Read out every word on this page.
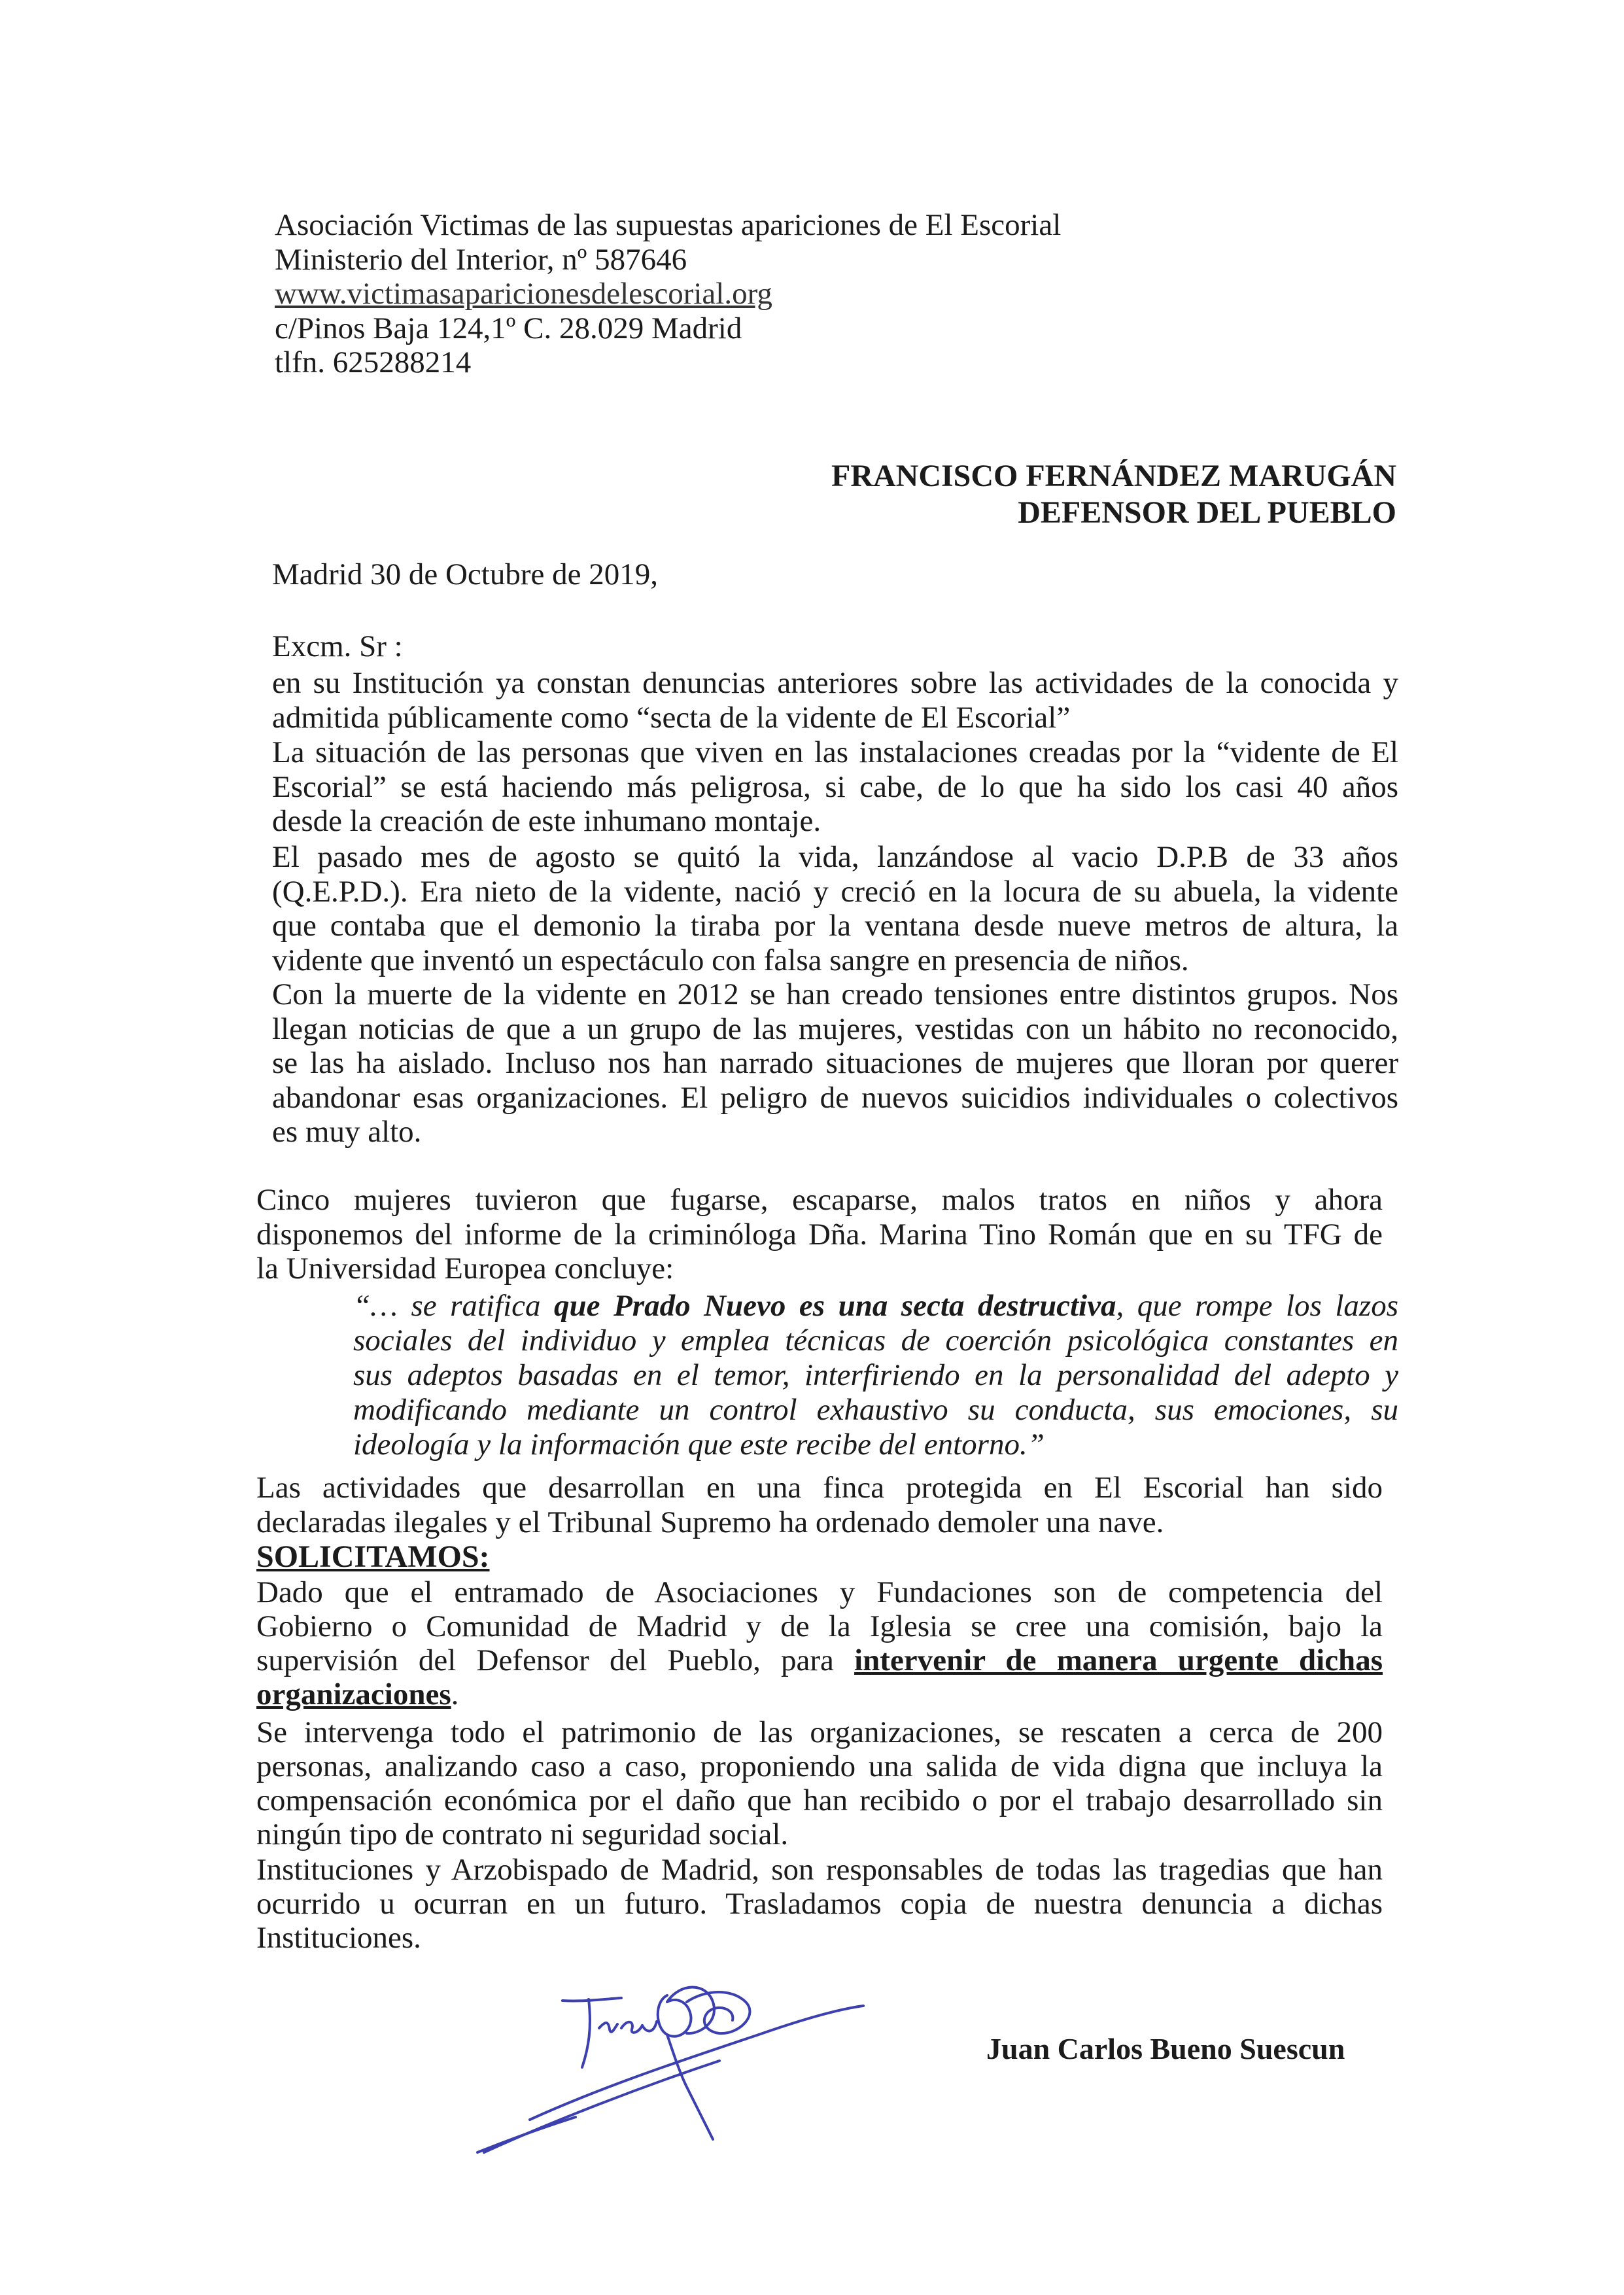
Asociación Victimas de las supuestas apariciones de El Escorial
Ministerio del Interior, nº 587646
www.victimasaparicionesdelescorial.org
c/Pinos Baja 124,1º C. 28.029 Madrid
tlfn. 625288214
FRANCISCO FERNÁNDEZ MARUGÁN
DEFENSOR DEL PUEBLO
Madrid 30 de Octubre de 2019,
Excm. Sr :
en su Institución ya constan denuncias anteriores sobre las actividades de la conocida y
admitida públicamente como “secta de la vidente de El Escorial”
La situación de las personas que viven en las instalaciones creadas por la “vidente de El
Escorial” se está haciendo más peligrosa, si cabe, de lo que ha sido los casi 40 años
desde la creación de este inhumano montaje.
El pasado mes de agosto se quitó la vida, lanzándose al vacio D.P.B de 33 años
(Q.E.P.D.). Era nieto de la vidente, nació y creció en la locura de su abuela, la vidente
que contaba que el demonio la tiraba por la ventana desde nueve metros de altura, la
vidente que inventó un espectáculo con falsa sangre en presencia de niños.
Con la muerte de la vidente en 2012 se han creado tensiones entre distintos grupos. Nos
llegan noticias de que a un grupo de las mujeres, vestidas con un hábito no reconocido,
se las ha aislado. Incluso nos han narrado situaciones de mujeres que lloran por querer
abandonar esas organizaciones. El peligro de nuevos suicidios individuales o colectivos
es muy alto.
Cinco mujeres tuvieron que fugarse, escaparse, malos tratos en niños y ahora
disponemos del informe de la criminóloga Dña. Marina Tino Román que en su TFG de
la Universidad Europea concluye:
“… se ratifica que Prado Nuevo es una secta destructiva, que rompe los lazos
sociales del individuo y emplea técnicas de coerción psicológica constantes en
sus adeptos basadas en el temor, interfiriendo en la personalidad del adepto y
modificando mediante un control exhaustivo su conducta, sus emociones, su
ideología y la información que este recibe del entorno.”
Las actividades que desarrollan en una finca protegida en El Escorial han sido
declaradas ilegales y el Tribunal Supremo ha ordenado demoler una nave.
SOLICITAMOS:
Dado que el entramado de Asociaciones y Fundaciones son de competencia del
Gobierno o Comunidad de Madrid y de la Iglesia se cree una comisión, bajo la
supervisión del Defensor del Pueblo, para intervenir de manera urgente dichas
organizaciones.
Se intervenga todo el patrimonio de las organizaciones, se rescaten a cerca de 200
personas, analizando caso a caso, proponiendo una salida de vida digna que incluya la
compensación económica por el daño que han recibido o por el trabajo desarrollado sin
ningún tipo de contrato ni seguridad social.
Instituciones y Arzobispado de Madrid, son responsables de todas las tragedias que han
ocurrido u ocurran en un futuro. Trasladamos copia de nuestra denuncia a dichas
Instituciones.
Juan Carlos Bueno Suescun
